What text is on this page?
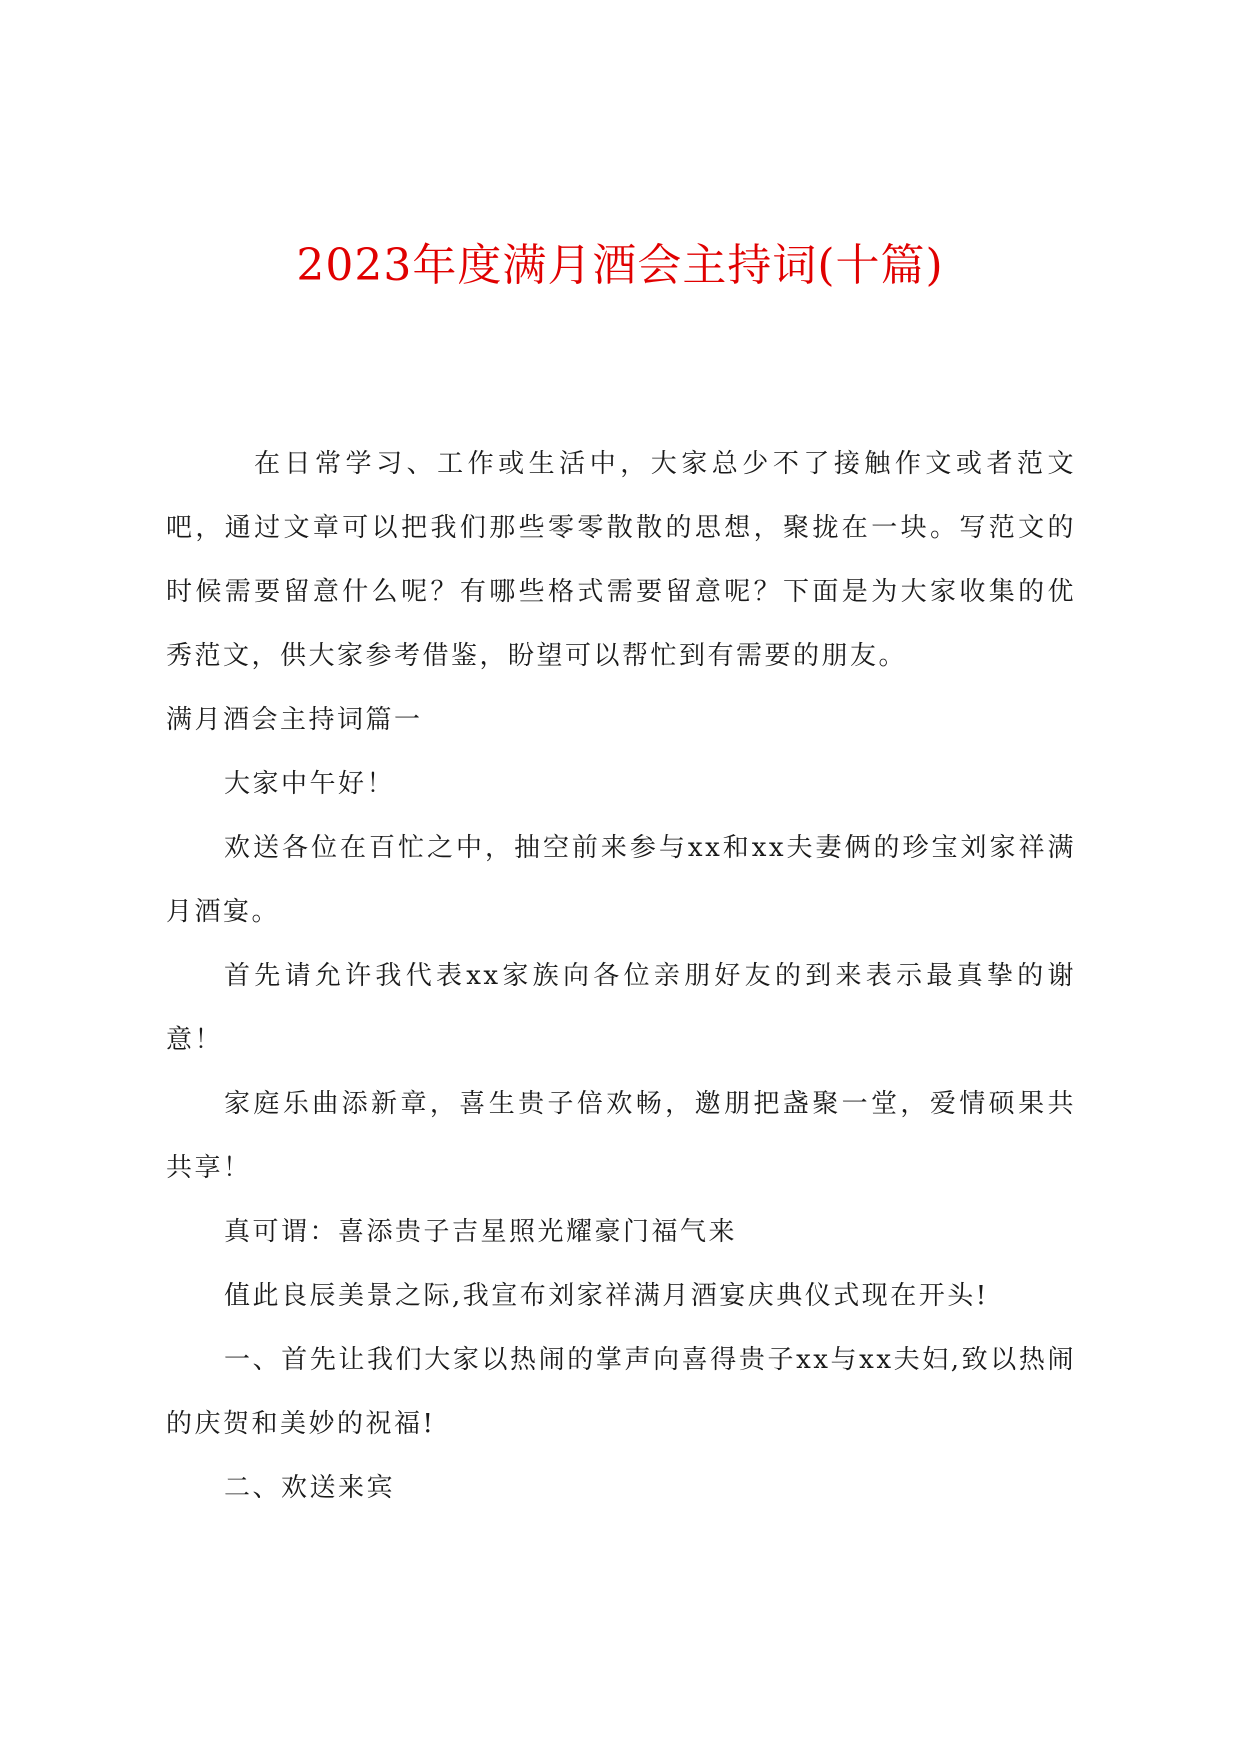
2023年度满月酒会主持词(十篇)

在日常学习、工作或生活中，大家总少不了接触作文或者范文吧，通过文章可以把我们那些零零散散的思想，聚拢在一块。写范文的时候需要留意什么呢？有哪些格式需要留意呢？下面是为大家收集的优秀范文，供大家参考借鉴，盼望可以帮忙到有需要的朋友。

满月酒会主持词篇一

大家中午好！

欢送各位在百忙之中，抽空前来参与xx和xx夫妻俩的珍宝刘家祥满月酒宴。

首先请允许我代表xx家族向各位亲朋好友的到来表示最真挚的谢意！

家庭乐曲添新章，喜生贵子倍欢畅，邀朋把盏聚一堂，爱情硕果共共享！

真可谓：喜添贵子吉星照光耀豪门福气来

值此良辰美景之际,我宣布刘家祥满月酒宴庆典仪式现在开头!

一、首先让我们大家以热闹的掌声向喜得贵子xx与xx夫妇,致以热闹的庆贺和美妙的祝福!

二、欢送来宾
